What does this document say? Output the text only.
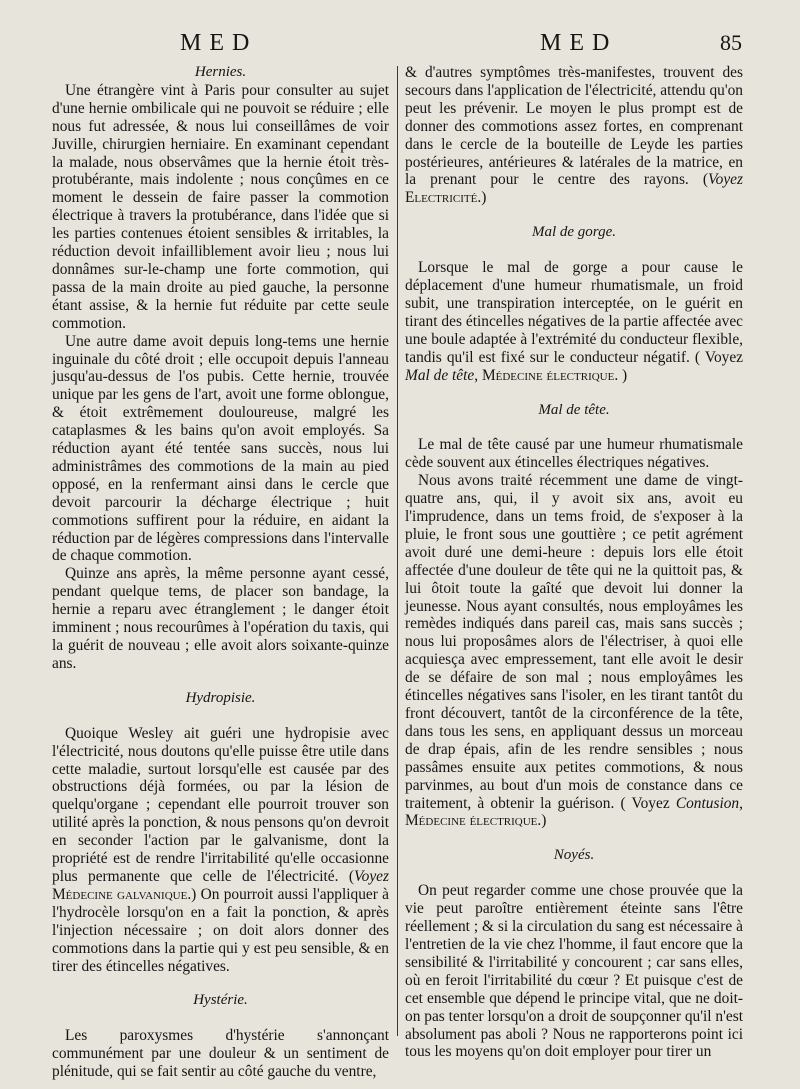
MED	MED	85
Hernies.

Une étrangère vint à Paris pour consulter au sujet d'une hernie ombilicale qui ne pouvoit se réduire ; elle nous fut adressée, & nous lui conseillâmes de voir Juville, chirurgien herniaire. En examinant cependant la malade, nous observâmes que la hernie étoit très-protubérante, mais indolente ; nous conçûmes en ce moment le dessein de faire passer la commotion électrique à travers la protubérance, dans l'idée que si les parties contenues étoient sensibles & irritables, la réduction devoit infailliblement avoir lieu ; nous lui donnâmes sur-le-champ une forte commotion, qui passa de la main droite au pied gauche, la personne étant assise, & la hernie fut réduite par cette seule commotion.

Une autre dame avoit depuis long-tems une hernie inguinale du côté droit ; elle occupoit depuis l'anneau jusqu'au-dessus de l'os pubis. Cette hernie, trouvée unique par les gens de l'art, avoit une forme oblongue, & étoit extrêmement douloureuse, malgré les cataplasmes & les bains qu'on avoit employés. Sa réduction ayant été tentée sans succès, nous lui administrâmes des commotions de la main au pied opposé, en la renfermant ainsi dans le cercle que devoit parcourir la décharge électrique ; huit commotions suffirent pour la réduire, en aidant la réduction par de légères compressions dans l'intervalle de chaque commotion.

Quinze ans après, la même personne ayant cessé, pendant quelque tems, de placer son bandage, la hernie a reparu avec étranglement ; le danger étoit imminent ; nous recourûmes à l'opération du taxis, qui la guérit de nouveau ; elle avoit alors soixante-quinze ans.

Hydropisie.

Quoique Wesley ait guéri une hydropisie avec l'électricité, nous doutons qu'elle puisse être utile dans cette maladie, surtout lorsqu'elle est causée par des obstructions déjà formées, ou par la lésion de quelqu'organe ; cependant elle pourroit trouver son utilité après la ponction, & nous pensons qu'on devroit en seconder l'action par le galvanisme, dont la propriété est de rendre l'irritabilité qu'elle occasionne plus permanente que celle de l'électricité. (Voyez Médecine galvanique.) On pourroit aussi l'appliquer à l'hydrocèle lorsqu'on en a fait la ponction, & après l'injection nécessaire ; on doit alors donner des commotions dans la partie qui y est peu sensible, & en tirer des étincelles négatives.

Hystérie.

Les paroxysmes d'hystérie s'annonçant communément par une douleur & un sentiment de plénitude, qui se fait sentir au côté gauche du ventre,

& d'autres symptômes très-manifestes, trouvent des secours dans l'application de l'électricité, attendu qu'on peut les prévenir. Le moyen le plus prompt est de donner des commotions assez fortes, en comprenant dans le cercle de la bouteille de Leyde les parties postérieures, antérieures & latérales de la matrice, en la prenant pour le centre des rayons. (Voyez Electricité.)

Mal de gorge.

Lorsque le mal de gorge a pour cause le déplacement d'une humeur rhumatismale, un froid subit, une transpiration interceptée, on le guérit en tirant des étincelles négatives de la partie affectée avec une boule adaptée à l'extrémité du conducteur flexible, tandis qu'il est fixé sur le conducteur négatif. ( Voyez Mal de tête, Médecine électrique. )

Mal de tête.

Le mal de tête causé par une humeur rhumatismale cède souvent aux étincelles électriques négatives.

Nous avons traité récemment une dame de vingt-quatre ans, qui, il y avoit six ans, avoit eu l'imprudence, dans un tems froid, de s'exposer à la pluie, le front sous une gouttière ; ce petit agrément avoit duré une demi-heure : depuis lors elle étoit affectée d'une douleur de tête qui ne la quittoit pas, & lui ôtoit toute la gaîté que devoit lui donner la jeunesse. Nous ayant consultés, nous employâmes les remèdes indiqués dans pareil cas, mais sans succès ; nous lui proposâmes alors de l'électriser, à quoi elle acquiesça avec empressement, tant elle avoit le desir de se défaire de son mal ; nous employâmes les étincelles négatives sans l'isoler, en les tirant tantôt du front découvert, tantôt de la circonférence de la tête, dans tous les sens, en appliquant dessus un morceau de drap épais, afin de les rendre sensibles ; nous passâmes ensuite aux petites commotions, & nous parvinmes, au bout d'un mois de constance dans ce traitement, à obtenir la guérison. ( Voyez Contusion, Médecine électrique.)

Noyés.

On peut regarder comme une chose prouvée que la vie peut paroître entièrement éteinte sans l'être réellement ; & si la circulation du sang est nécessaire à l'entretien de la vie chez l'homme, il faut encore que la sensibilité & l'irritabilité y concourent ; car sans elles, où en feroit l'irritabilité du cœur ? Et puisque c'est de cet ensemble que dépend le principe vital, que ne doit-on pas tenter lorsqu'on a droit de soupçonner qu'il n'est absolument pas aboli ? Nous ne rapporterons point ici tous les moyens qu'on doit employer pour tirer un
